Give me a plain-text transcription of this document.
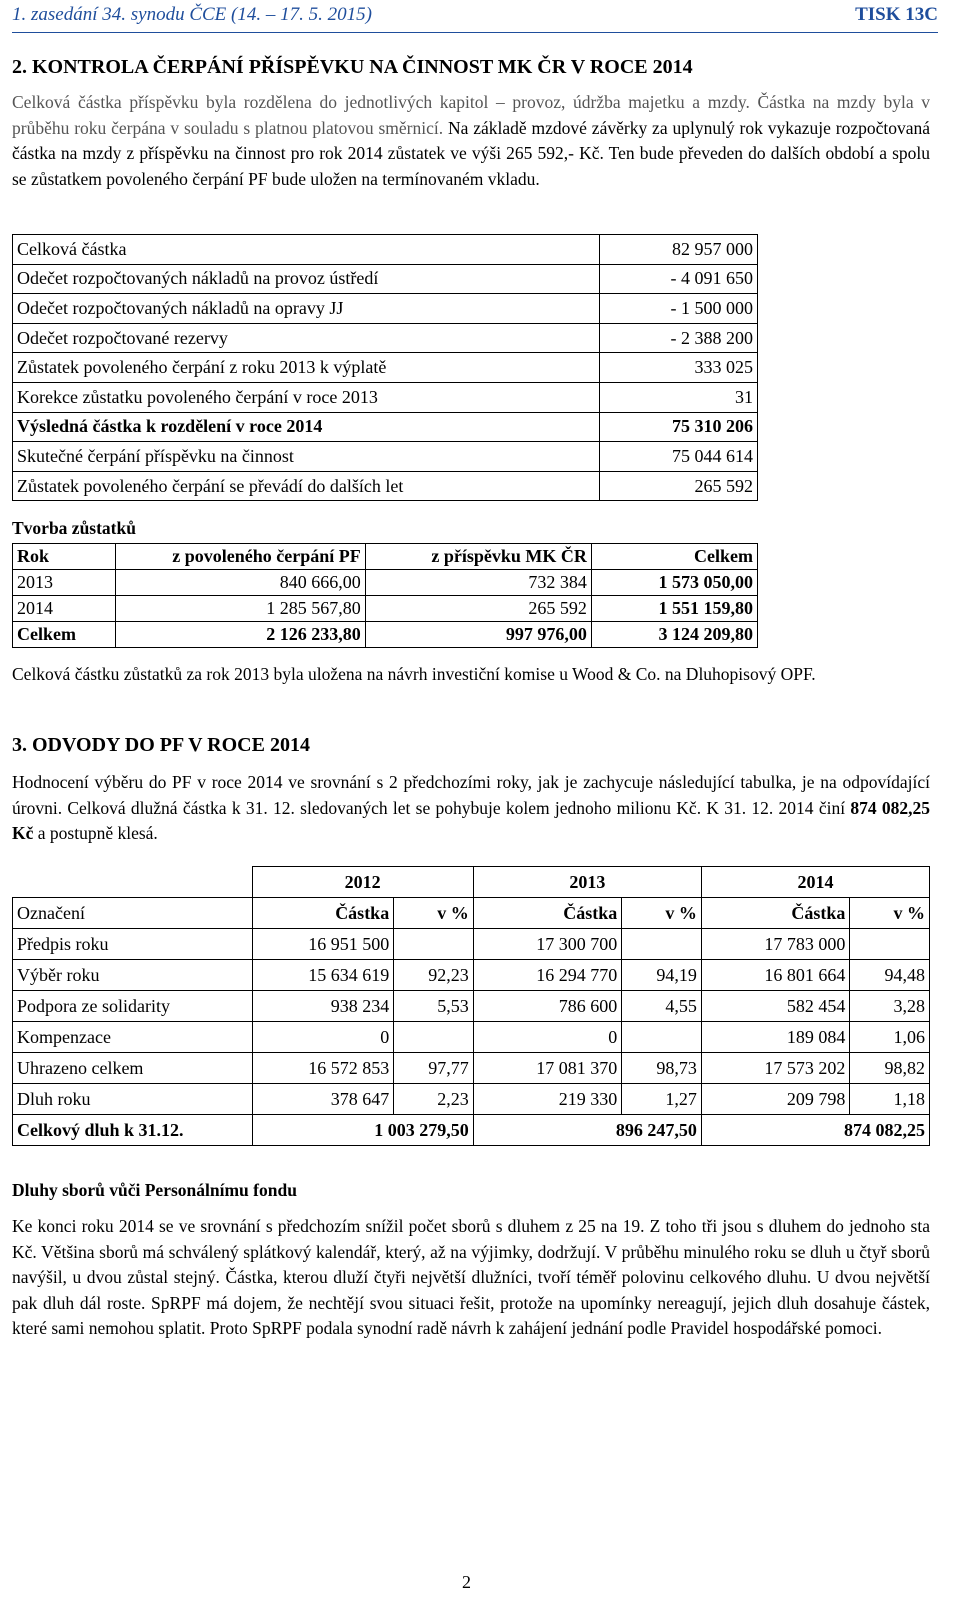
1. zasedání 34. synodu ČCE (14. – 17. 5. 2015)	TISK 13C
2. KONTROLA ČERPÁNÍ PŘÍSPĚVKU NA ČINNOST MK ČR V ROCE 2014
Celková částka příspěvku byla rozdělena do jednotlivých kapitol – provoz, údržba majetku a mzdy. Částka na mzdy byla v průběhu roku čerpána v souladu s platnou platovou směrnicí. Na základě mzdové závěrky za uplynulý rok vykazuje rozpočtovaná částka na mzdy z příspěvku na činnost pro rok 2014 zůstatek ve výši 265 592,- Kč. Ten bude převeden do dalších období a spolu se zůstatkem povoleného čerpání PF bude uložen na termínovaném vkladu.
Celková částka	82 957 000
Odečet rozpočtovaných nákladů na provoz ústředí	- 4 091 650
Odečet rozpočtovaných nákladů na opravy JJ	- 1 500 000
Odečet rozpočtované rezervy	- 2 388 200
Zůstatek povoleného čerpání z roku 2013 k výplatě	333 025
Korekce zůstatku povoleného čerpání v roce 2013	31
Výsledná částka k rozdělení v roce 2014	75 310 206
Skutečné čerpání příspěvku na činnost	75 044 614
Zůstatek povoleného čerpání se převádí do dalších let	265 592
Tvorba zůstatků
Rok	z povoleného čerpání PF	z příspěvku MK ČR	Celkem
2013	840 666,00	732 384	1 573 050,00
2014	1 285 567,80	265 592	1 551 159,80
Celkem	2 126 233,80	997 976,00	3 124 209,80
Celková částku zůstatků za rok 2013 byla uložena na návrh investiční komise u Wood & Co. na Dluhopisový OPF.
3. ODVODY DO PF V ROCE 2014
Hodnocení výběru do PF v roce 2014 ve srovnání s 2 předchozími roky, jak je zachycuje následující tabulka, je na odpovídající úrovni. Celková dlužná částka k 31. 12. sledovaných let se pohybuje kolem jednoho milionu Kč. K 31. 12. 2014 činí 874 082,25 Kč a postupně klesá.
	2012		2013		2014	
Označení	Částka	v %	Částka	v %	Částka	v %
Předpis roku	16 951 500		17 300 700		17 783 000	
Výběr roku	15 634 619	92,23	16 294 770	94,19	16 801 664	94,48
Podpora ze solidarity	938 234	5,53	786 600	4,55	582 454	3,28
Kompenzace	0		0		189 084	1,06
Uhrazeno celkem	16 572 853	97,77	17 081 370	98,73	17 573 202	98,82
Dluh roku	378 647	2,23	219 330	1,27	209 798	1,18
Celkový dluh k 31.12.	1 003 279,50		896 247,50		874 082,25	
Dluhy sborů vůči Personálnímu fondu
Ke konci roku 2014 se ve srovnání s předchozím snížil počet sborů s dluhem z 25 na 19. Z toho tři jsou s dluhem do jednoho sta Kč. Většina sborů má schválený splátkový kalendář, který, až na výjimky, dodržují. V průběhu minulého roku se dluh u čtyř sborů navýšil, u dvou zůstal stejný. Částka, kterou dluží čtyři největší dlužníci, tvoří téměř polovinu celkového dluhu. U dvou největší pak dluh dál roste. SpRPF má dojem, že nechtějí svou situaci řešit, protože na upomínky nereagují, jejich dluh dosahuje částek, které sami nemohou splatit. Proto SpRPF podala synodní radě návrh k zahájení jednání podle Pravidel hospodářské pomoci.
2
